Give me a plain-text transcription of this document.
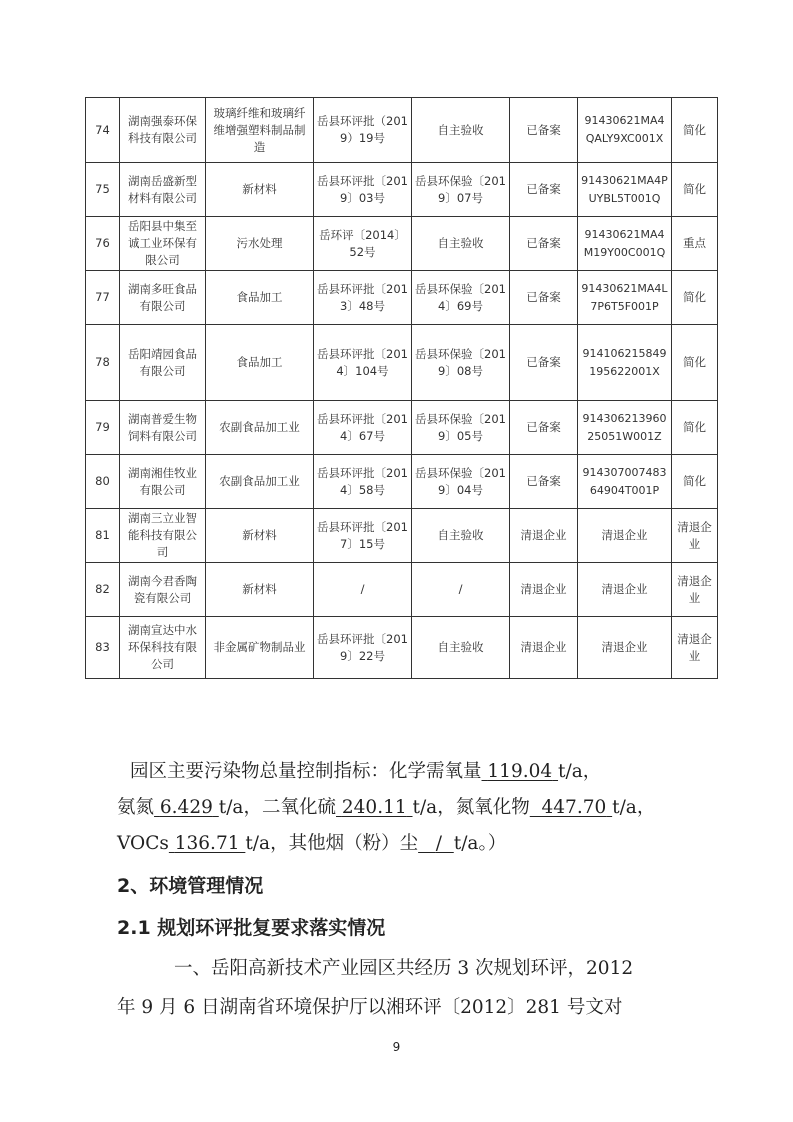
74	湖南强泰环保科技有限公司	玻璃纤维和玻璃纤维增强塑料制品制造	岳县环评批（2019）19号	自主验收	已备案	91430621MA4QALY9XC001X	简化
75	湖南岳盛新型材料有限公司	新材料	岳县环评批〔2019〕03号	岳县环保验〔2019〕07号	已备案	91430621MA4PUYBL5T001Q	简化
76	岳阳县中集至诚工业环保有限公司	污水处理	岳环评〔2014〕52号	自主验收	已备案	91430621MA4M19Y00C001Q	重点
77	湖南多旺食品有限公司	食品加工	岳县环评批〔2013〕48号	岳县环保验〔2014〕69号	已备案	91430621MA4L7P6T5F001P	简化
78	岳阳靖园食品有限公司	食品加工	岳县环评批〔2014〕104号	岳县环保验〔2019〕08号	已备案	914106215849195622001X	简化
79	湖南普爱生物饲料有限公司	农副食品加工业	岳县环评批〔2014〕67号	岳县环保验〔2019〕05号	已备案	91430621396025051W001Z	简化
80	湖南湘佳牧业有限公司	农副食品加工业	岳县环评批〔2014〕58号	岳县环保验〔2019〕04号	已备案	91430700748364904T001P	简化
81	湖南三立业智能科技有限公司	新材料	岳县环评批〔2017〕15号	自主验收	清退企业	清退企业	清退企业
82	湖南今君香陶瓷有限公司	新材料	/	/	清退企业	清退企业	清退企业
83	湖南宣达中水环保科技有限公司	非金属矿物制品业	岳县环评批〔2019〕22号	自主验收	清退企业	清退企业	清退企业

园区主要污染物总量控制指标：化学需氧量 119.04 t/a，

氨氮 6.429 t/a，二氧化硫 240.11 t/a，氮氧化物 447.70 t/a，

VOCs 136.71 t/a，其他烟（粉）尘 / t/a。）

2、环境管理情况
2.1 规划环评批复要求落实情况

一、岳阳高新技术产业园区共经历 3 次规划环评，2012

年 9 月 6 日湖南省环境保护厅以湘环评〔2012〕281 号文对

9
